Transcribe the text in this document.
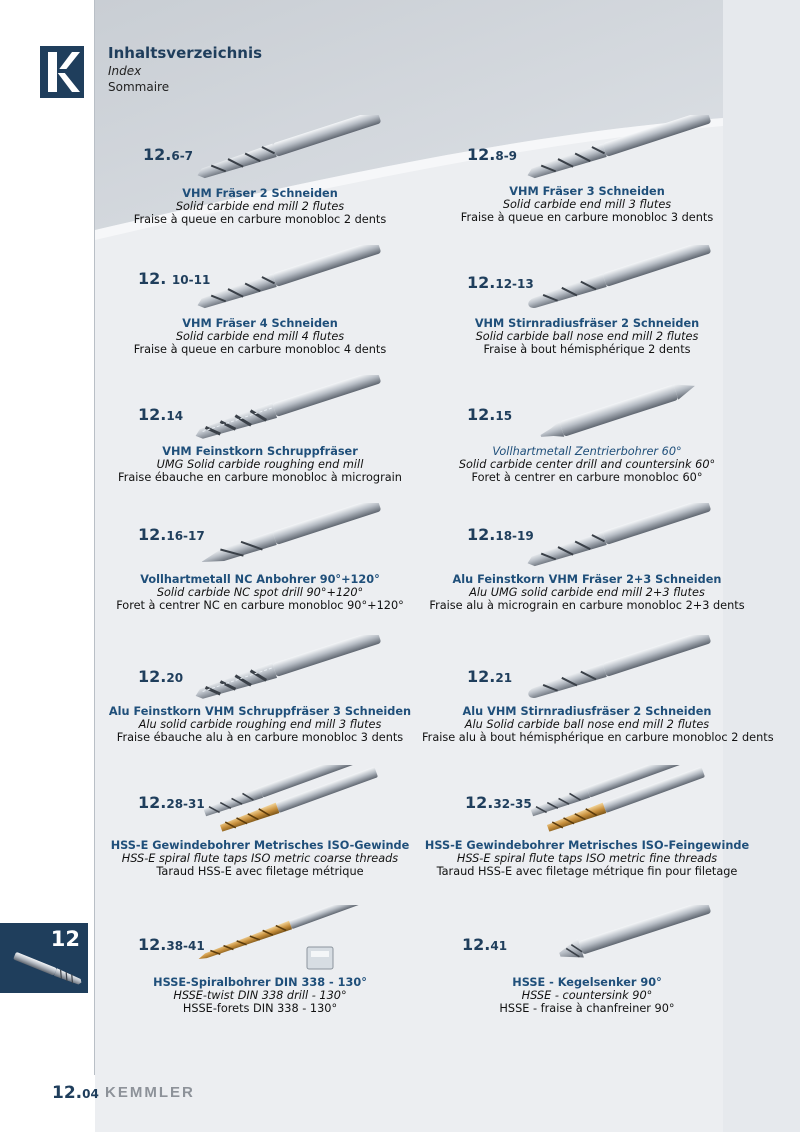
Inhaltsverzeichnis
Index
Sommaire
12.6-7
VHM Fräser 2 Schneiden
Solid carbide end mill 2 flutes
Fraise à queue en carbure monobloc 2 dents
12.8-9
VHM Fräser 3 Schneiden
Solid carbide end mill 3 flutes
Fraise à queue en carbure monobloc 3 dents
12. 10-11
VHM Fräser 4 Schneiden
Solid carbide end mill 4 flutes
Fraise à queue en carbure monobloc 4 dents
12.12-13
VHM Stirnradiusfräser 2 Schneiden
Solid carbide ball nose end mill 2 flutes
Fraise à bout hémisphérique 2 dents
12.14
VHM Feinstkorn Schruppfräser
UMG Solid carbide roughing end mill
Fraise ébauche en carbure monobloc à micrograin
12.15
Vollhartmetall Zentrierbohrer 60°
Solid carbide center drill and countersink 60°
Foret à centrer en carbure monobloc 60°
12.16-17
Vollhartmetall NC Anbohrer 90°+120°
Solid carbide NC spot drill 90°+120°
Foret à centrer NC en carbure monobloc 90°+120°
12.18-19
Alu Feinstkorn VHM Fräser 2+3 Schneiden
Alu UMG solid carbide end mill 2+3 flutes
Fraise alu à micrograin en carbure monobloc 2+3 dents
12.20
Alu Feinstkorn VHM Schruppfräser 3 Schneiden
Alu solid carbide roughing end mill 3 flutes
Fraise ébauche alu à en carbure monobloc 3 dents
12.21
Alu VHM Stirnradiusfräser 2 Schneiden
Alu Solid carbide ball nose end mill 2 flutes
Fraise alu à bout hémisphérique en carbure monobloc 2 dents
12.28-31
HSS-E Gewindebohrer Metrisches ISO-Gewinde
HSS-E spiral flute taps ISO metric coarse threads
Taraud HSS-E avec filetage métrique
12.32-35
HSS-E Gewindebohrer Metrisches ISO-Feingewinde
HSS-E spiral flute taps ISO metric fine threads
Taraud HSS-E avec filetage métrique fin pour filetage
12.38-41
HSSE-Spiralbohrer DIN 338 - 130°
HSSE-twist DIN 338 drill - 130°
HSSE-forets DIN 338 - 130°
12.41
HSSE - Kegelsenker 90°
HSSE - countersink 90°
HSSE - fraise à chanfreiner 90°
12
12.04 KEMMLER
